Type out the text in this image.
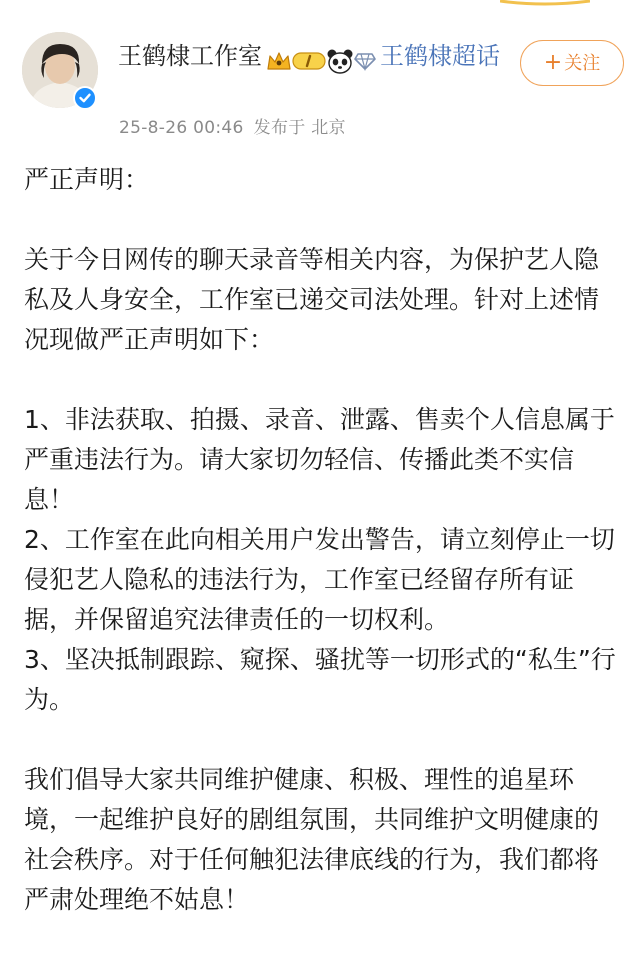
王鹤棣工作室	王鹤棣超话
25-8-26 00:46 发布于 北京
+ 关注

严正声明：

关于今日网传的聊天录音等相关内容，为保护艺人隐私及人身安全，工作室已递交司法处理。针对上述情况现做严正声明如下：

1、非法获取、拍摄、录音、泄露、售卖个人信息属于严重违法行为。请大家切勿轻信、传播此类不实信息！

2、工作室在此向相关用户发出警告，请立刻停止一切侵犯艺人隐私的违法行为，工作室已经留存所有证据，并保留追究法律责任的一切权利。

3、坚决抵制跟踪、窥探、骚扰等一切形式的“私生”行为。

我们倡导大家共同维护健康、积极、理性的追星环境，一起维护良好的剧组氛围，共同维护文明健康的社会秩序。对于任何触犯法律底线的行为，我们都将严肃处理绝不姑息！
